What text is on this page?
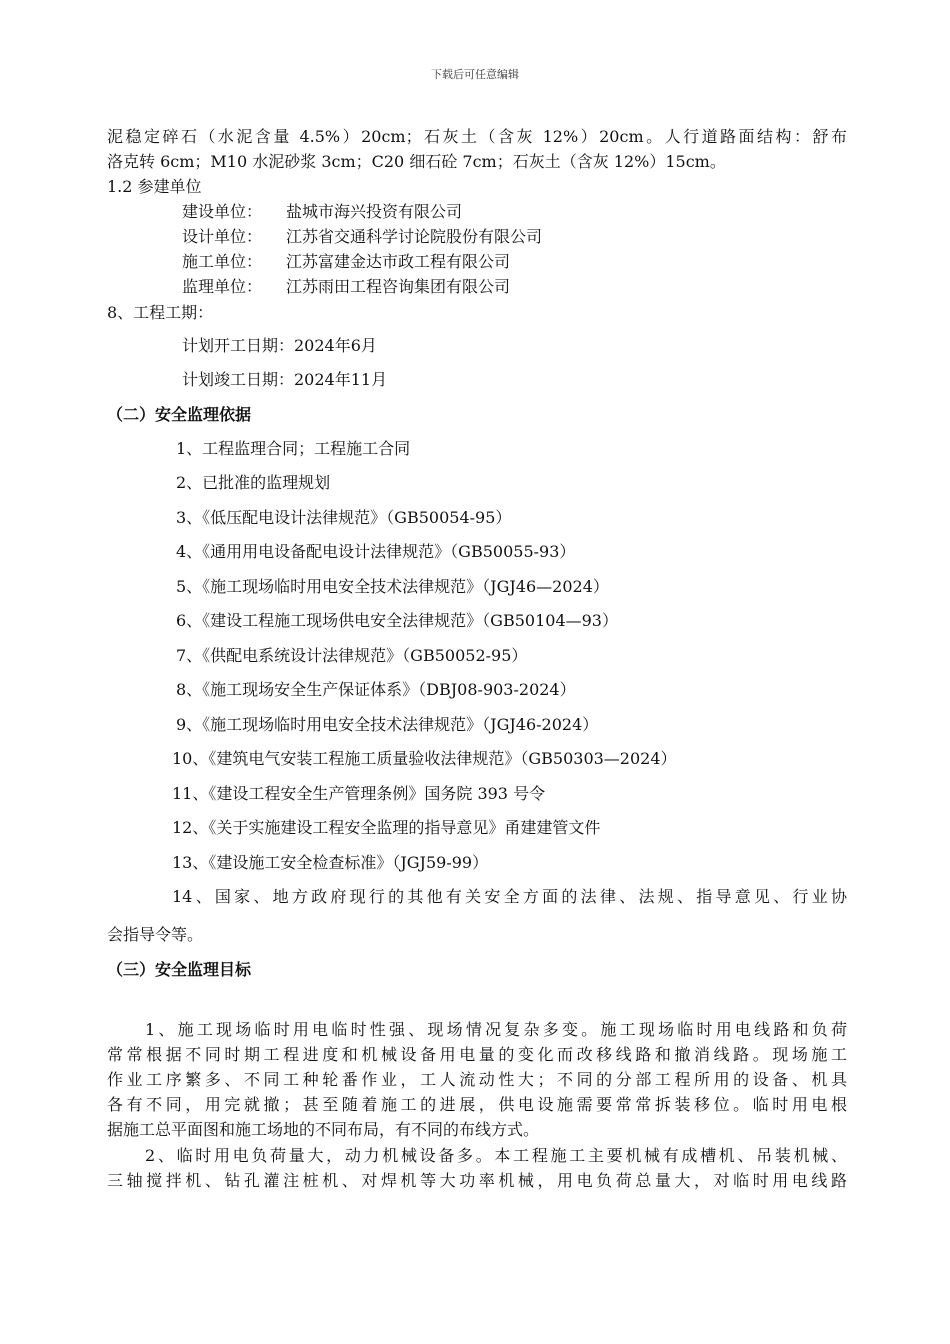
下载后可任意编辑
泥稳定碎石（水泥含量 4.5%）20cm；石灰土（含灰 12%）20cm。人行道路面结构：舒布
洛克转 6cm；M10 水泥砂浆 3cm；C20 细石砼 7cm；石灰土（含灰 12%）15cm。
1.2 参建单位
建设单位： 盐城市海兴投资有限公司
设计单位： 江苏省交通科学讨论院股份有限公司
施工单位： 江苏富建金达市政工程有限公司
监理单位： 江苏雨田工程咨询集团有限公司
8、工程工期：
计划开工日期：2024年6月
计划竣工日期：2024年11月
（二）安全监理依据
1、工程监理合同；工程施工合同
2、已批准的监理规划
3、《低压配电设计法律规范》（GB50054-95）
4、《通用用电设备配电设计法律规范》（GB50055-93）
5、《施工现场临时用电安全技术法律规范》（JGJ46—2024）
6、《建设工程施工现场供电安全法律规范》（GB50104—93）
7、《供配电系统设计法律规范》（GB50052-95）
8、《施工现场安全生产保证体系》（DBJ08-903-2024）
9、《施工现场临时用电安全技术法律规范》（JGJ46-2024）
10、《建筑电气安装工程施工质量验收法律规范》（GB50303—2024）
11、《建设工程安全生产管理条例》国务院 393 号令
12、《关于实施建设工程安全监理的指导意见》甬建建管文件
13、《建设施工安全检查标准》（JGJ59-99）
14、国家、地方政府现行的其他有关安全方面的法律、法规、指导意见、行业协
会指导令等。
（三）安全监理目标
1、施工现场临时用电临时性强、现场情况复杂多变。施工现场临时用电线路和负荷
常常根据不同时期工程进度和机械设备用电量的变化而改移线路和撤消线路。现场施工
作业工序繁多、不同工种轮番作业，工人流动性大；不同的分部工程所用的设备、机具
各有不同，用完就撤；甚至随着施工的进展，供电设施需要常常拆装移位。临时用电根
据施工总平面图和施工场地的不同布局，有不同的布线方式。
2、临时用电负荷量大，动力机械设备多。本工程施工主要机械有成槽机、吊装机械、
三轴搅拌机、钻孔灌注桩机、对焊机等大功率机械，用电负荷总量大，对临时用电线路
